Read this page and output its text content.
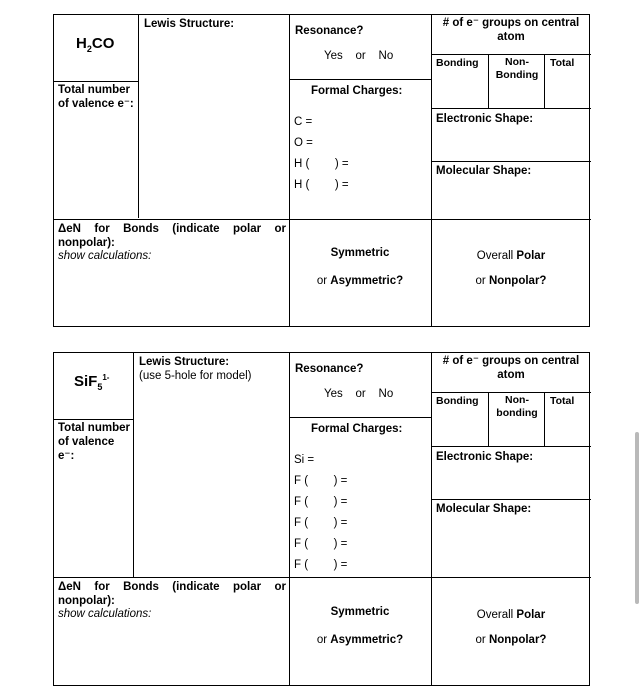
$H_2CO$
Lewis Structure:
Resonance?
Yes    or    No
# of e⁻ groups on central atom
Bonding	Non-Bonding
Total
Total number of valence e⁻:
Formal Charges:
C =
O =
H (        ) =
H (        ) =
Electronic Shape:
Molecular Shape:
ΔeN  for  Bonds  (indicate  polar  or nonpolar):
show calculations:	Symmetric
or Asymmetric?
Overall Polar
or Nonpolar?
SiF$_5^{1-}$
Lewis Structure:
(use 5-hole for model)
Resonance?
Yes    or    No
# of e⁻ groups on central atom
Bonding	Non-bonding
Total
Total number of valence e⁻:
Formal Charges:
Si =
F (        ) =
F (        ) =
F (        ) =
F (        ) =
F (        ) =
Electronic Shape:
Molecular Shape:
ΔeN  for  Bonds  (indicate  polar  or nonpolar):
show calculations:	Symmetric
or Asymmetric?
Overall Polar
or Nonpolar?
